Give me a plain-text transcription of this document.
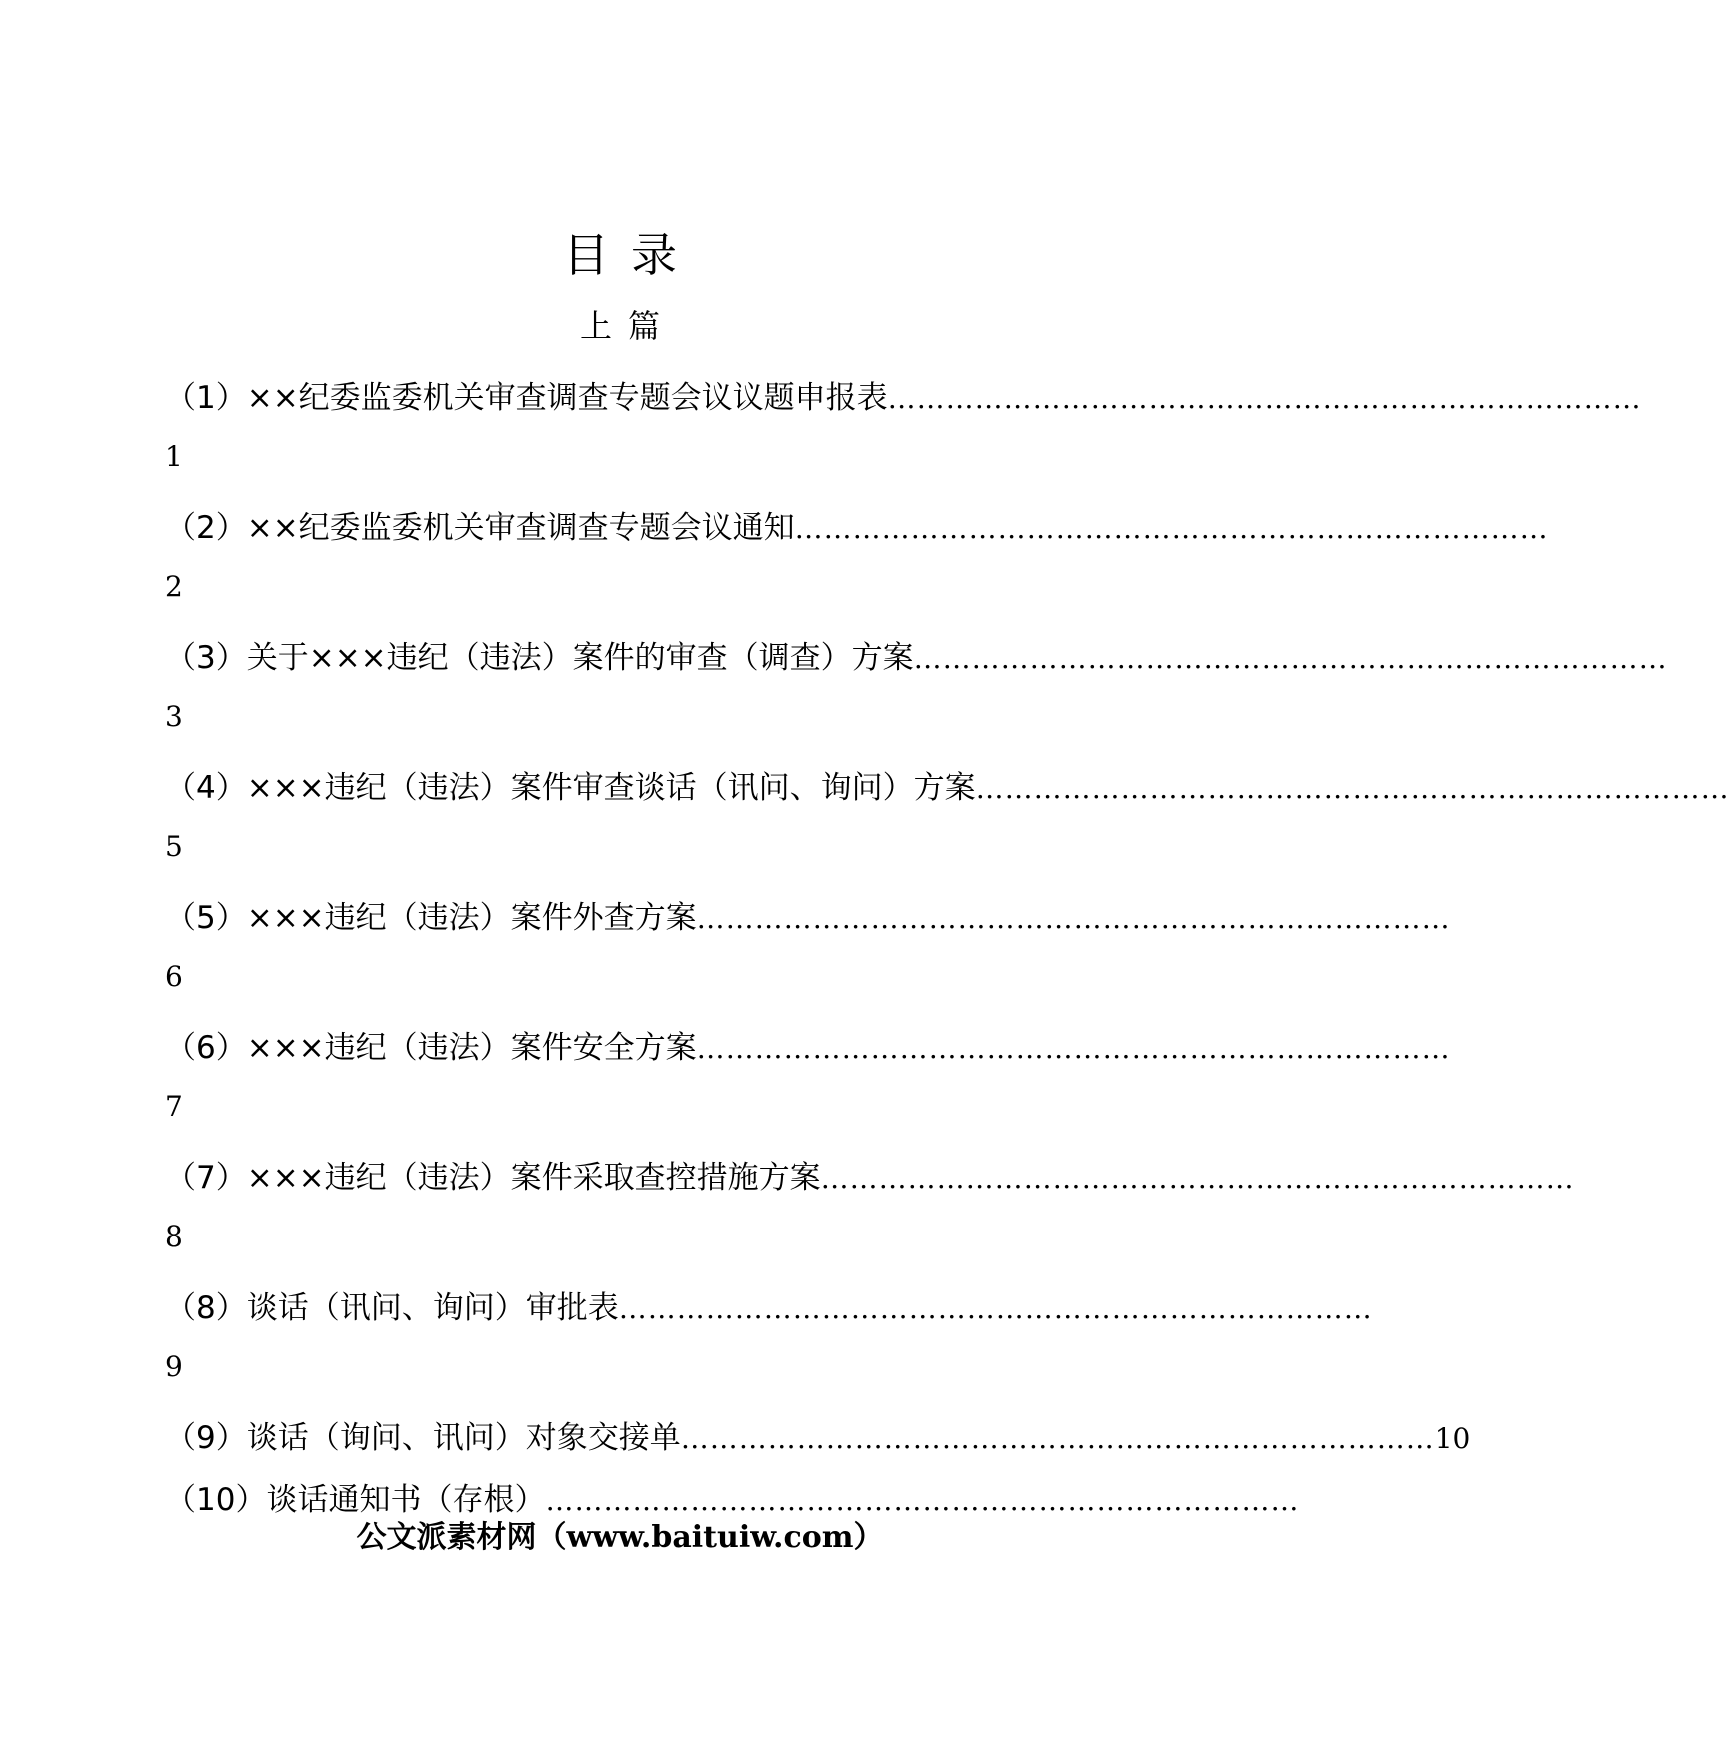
目录
上篇
（1）××纪委监委机关审查调查专题会议议题申报表 ……………………………………………………………………
1
（2）××纪委监委机关审查调查专题会议通知 ……………………………………………………………………
2
（3）关于×××违纪（违法）案件的审查（调查）方案 ……………………………………………………………………
3
（4）×××违纪（违法）案件审查谈话（讯问、询问）方案 ……………………………………………………………………
5
（5）×××违纪（违法）案件外查方案 ……………………………………………………………………
6
（6）×××违纪（违法）案件安全方案 ……………………………………………………………………
7
（7）×××违纪（违法）案件采取查控措施方案 ……………………………………………………………………
8
（8）谈话（讯问、询问）审批表 ……………………………………………………………………
9
（9）谈话（询问、讯问）对象交接单 …………………………………………………………………… 10
（10）谈话通知书（存根） ……………………………………………………………………
公文派素材网（www.baituiw.com）
